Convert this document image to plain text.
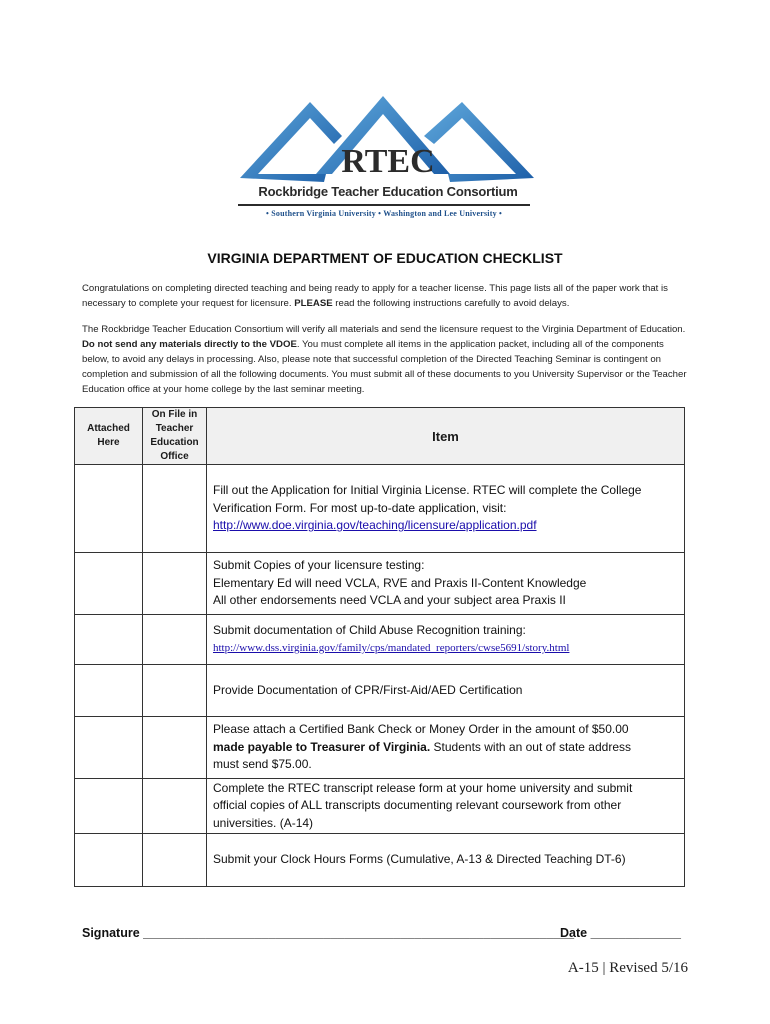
RTEC
Rockbridge Teacher Education Consortium
• Southern Virginia University • Washington and Lee University •
VIRGINIA DEPARTMENT OF EDUCATION CHECKLIST
Congratulations on completing directed teaching and being ready to apply for a teacher license. This page lists all of the paper work that is necessary to complete your request for licensure. PLEASE read the following instructions carefully to avoid delays.
The Rockbridge Teacher Education Consortium will verify all materials and send the licensure request to the Virginia Department of Education. Do not send any materials directly to the VDOE. You must complete all items in the application packet, including all of the components below, to avoid any delays in processing. Also, please note that successful completion of the Directed Teaching Seminar is contingent on completion and submission of all the following documents. You must submit all of these documents to you University Supervisor or the Teacher Education office at your home college by the last seminar meeting.
Attached Here	On File in Teacher Education Office	Item

		Fill out the Application for Initial Virginia License. RTEC will complete the College
Verification Form. For most up-to-date application, visit:
http://www.doe.virginia.gov/teaching/licensure/application.pdf

		Submit Copies of your licensure testing:
Elementary Ed will need VCLA, RVE and Praxis II-Content Knowledge
All other endorsements need VCLA and your subject area Praxis II

		Submit documentation of Child Abuse Recognition training:
http://www.dss.virginia.gov/family/cps/mandated_reporters/cwse5691/story.html
		Provide Documentation of CPR/First-Aid/AED Certification

		Please attach a Certified Bank Check or Money Order in the amount of $50.00
made payable to Treasurer of Virginia. Students with an out of state address
must send $75.00.

		Complete the RTEC transcript release form at your home university and submit
official copies of ALL transcripts documenting relevant coursework from other
universities. (A-14)

		Submit your Clock Hours Forms (Cumulative, A-13 & Directed Teaching DT-6)
Signature ______________________________________________________________
Date _____________
A-15 | Revised 5/16
